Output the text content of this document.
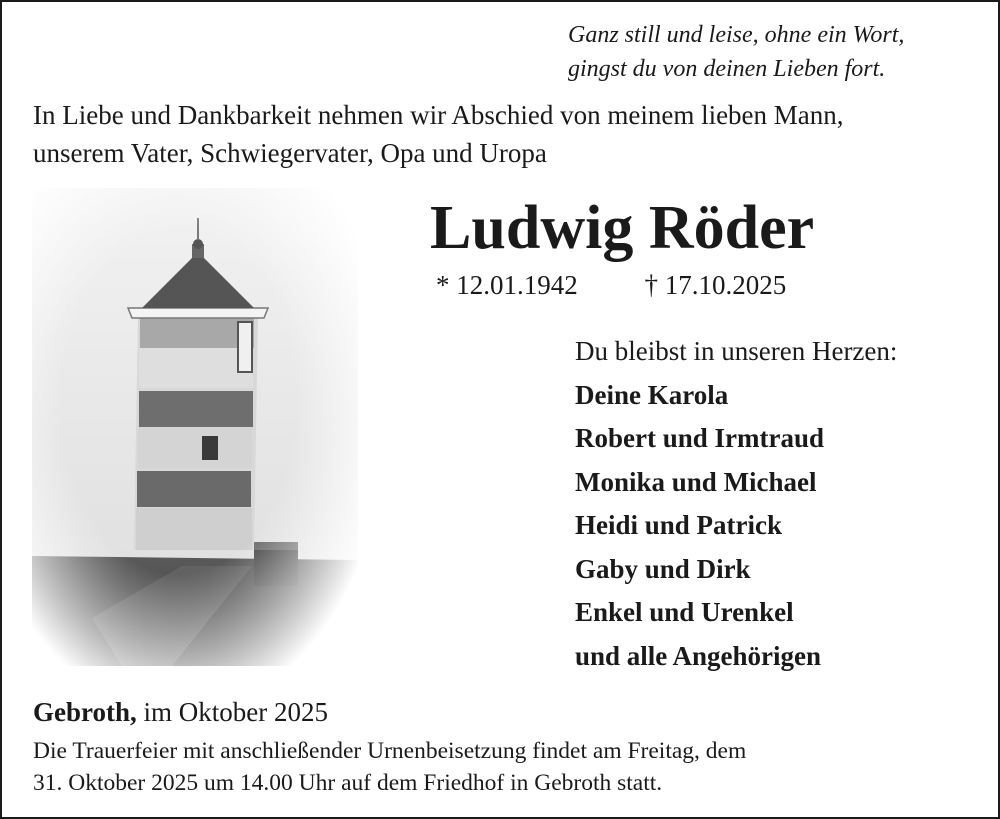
Ganz still und leise, ohne ein Wort,
gingst du von deinen Lieben fort.
In Liebe und Dankbarkeit nehmen wir Abschied von meinem lieben Mann,
unserem Vater, Schwiegervater, Opa und Uropa
Ludwig Röder
* 12.01.1942 † 17.10.2025
Du bleibst in unseren Herzen:
Deine Karola
Robert und Irmtraud
Monika und Michael
Heidi und Patrick
Gaby und Dirk
Enkel und Urenkel
und alle Angehörigen
Gebroth, im Oktober 2025
Die Trauerfeier mit anschließender Urnenbeisetzung findet am Freitag, dem
31. Oktober 2025 um 14.00 Uhr auf dem Friedhof in Gebroth statt.
